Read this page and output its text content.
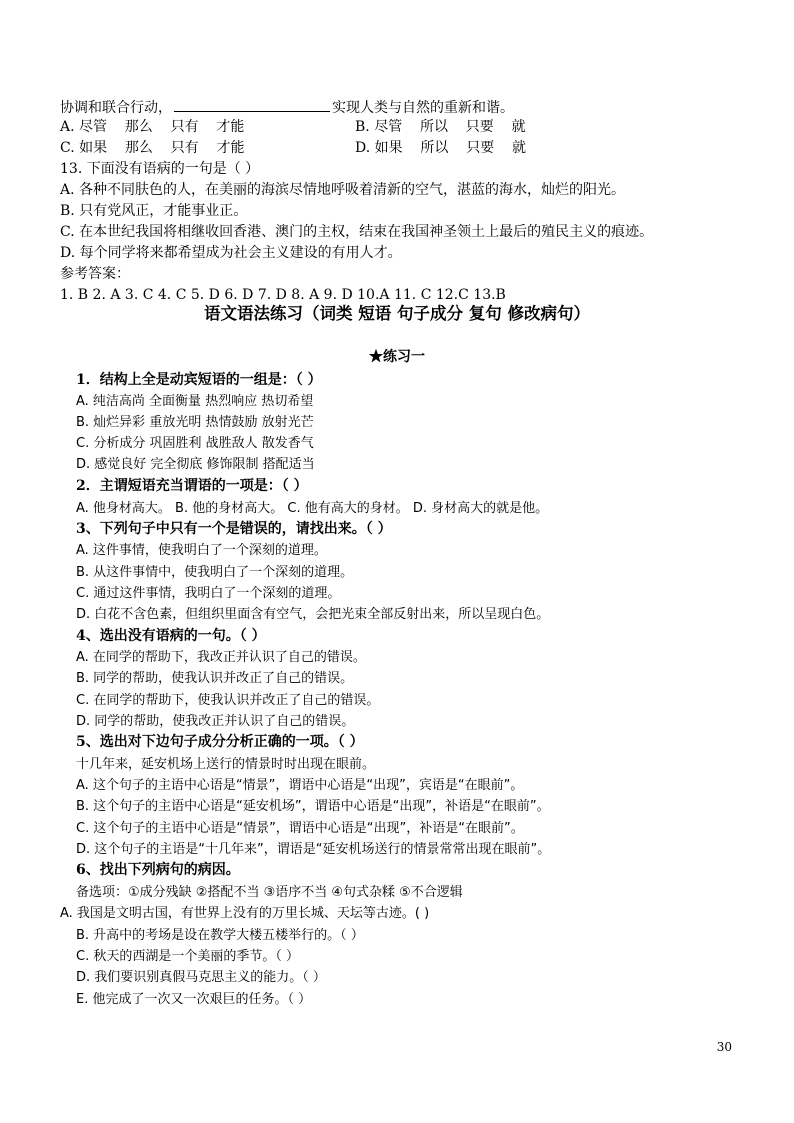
协调和联合行动，	实现人类与自然的重新和谐。
A. 尽管    那么    只有    才能	B. 尽管    所以    只要    就
C. 如果    那么    只有    才能	D. 如果    所以    只要    就
13. 下面没有语病的一句是（ ）
A. 各种不同肤色的人，在美丽的海滨尽情地呼吸着清新的空气，湛蓝的海水，灿烂的阳光。
B. 只有党风正，才能事业正。
C. 在本世纪我国将相继收回香港、澳门的主权，结束在我国神圣领土上最后的殖民主义的痕迹。
D. 每个同学将来都希望成为社会主义建设的有用人才。
参考答案：
1. B 2. A 3. C 4. C 5. D 6. D 7. D 8. A 9. D 10.A 11. C 12.C 13.B
语文语法练习（词类 短语 句子成分 复句 修改病句）
★练习一
1．结构上全是动宾短语的一组是：（ ）
A. 纯洁高尚 全面衡量 热烈响应 热切希望
B. 灿烂异彩 重放光明 热情鼓励 放射光芒
C. 分析成分 巩固胜利 战胜敌人 散发香气
D. 感觉良好 完全彻底 修饰限制 搭配适当
2．主谓短语充当谓语的一项是：（ ）
A. 他身材高大。 B. 他的身材高大。 C. 他有高大的身材。 D. 身材高大的就是他。
3、下列句子中只有一个是错误的，请找出来。（ ）
A. 这件事情，使我明白了一个深刻的道理。
B. 从这件事情中，使我明白了一个深刻的道理。
C. 通过这件事情，我明白了一个深刻的道理。
D. 白花不含色素，但组织里面含有空气，会把光束全部反射出来，所以呈现白色。
4、选出没有语病的一句。（ ）
A. 在同学的帮助下，我改正并认识了自己的错误。
B. 同学的帮助，使我认识并改正了自己的错误。
C. 在同学的帮助下，使我认识并改正了自己的错误。
D. 同学的帮助，使我改正并认识了自己的错误。
5、选出对下边句子成分分析正确的一项。（ ）
十几年来，延安机场上送行的情景时时出现在眼前。
A. 这个句子的主语中心语是“情景”，谓语中心语是“出现”，宾语是“在眼前”。
B. 这个句子的主语中心语是“延安机场”，谓语中心语是“出现”，补语是“在眼前”。
C. 这个句子的主语中心语是“情景”，谓语中心语是“出现”，补语是“在眼前”。
D. 这个句子的主语是“十几年来”，谓语是“延安机场送行的情景常常出现在眼前”。
6、找出下列病句的病因。
备选项：①成分残缺 ②搭配不当 ③语序不当 ④句式杂糅 ⑤不合逻辑
A. 我国是文明古国，有世界上没有的万里长城、天坛等古迹。( )
B. 升高中的考场是设在教学大楼五楼举行的。（ ）
C. 秋天的西湖是一个美丽的季节。（ ）
D. 我们要识别真假马克思主义的能力。（ ）
E. 他完成了一次又一次艰巨的任务。（ ）
30
